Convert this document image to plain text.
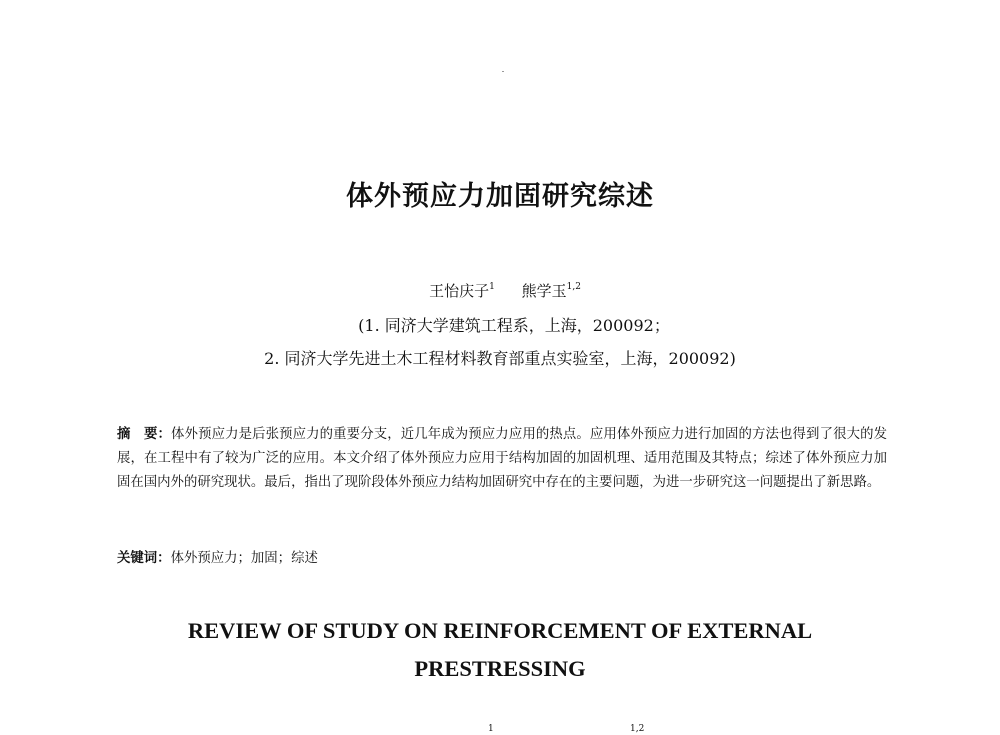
体外预应力加固研究综述
王怡庆子$^1$ 熊学玉$^{1,2}$
(1. 同济大学建筑工程系，上海，200092；
2. 同济大学先进土木工程材料教育部重点实验室，上海，200092)
摘　要：体外预应力是后张预应力的重要分支，近几年成为预应力应用的热点。应用体外预应力进行加固的方法也得到了很大的发展，在工程中有了较为广泛的应用。本文介绍了体外预应力应用于结构加固的加固机理、适用范围及其特点；综述了体外预应力加固在国内外的研究现状。最后，指出了现阶段体外预应力结构加固研究中存在的主要问题，为进一步研究这一问题提出了新思路。
关键词：体外预应力；加固；综述
REVIEW OF STUDY ON REINFORCEMENT OF EXTERNAL
PRESTRESSING
1	1,2
